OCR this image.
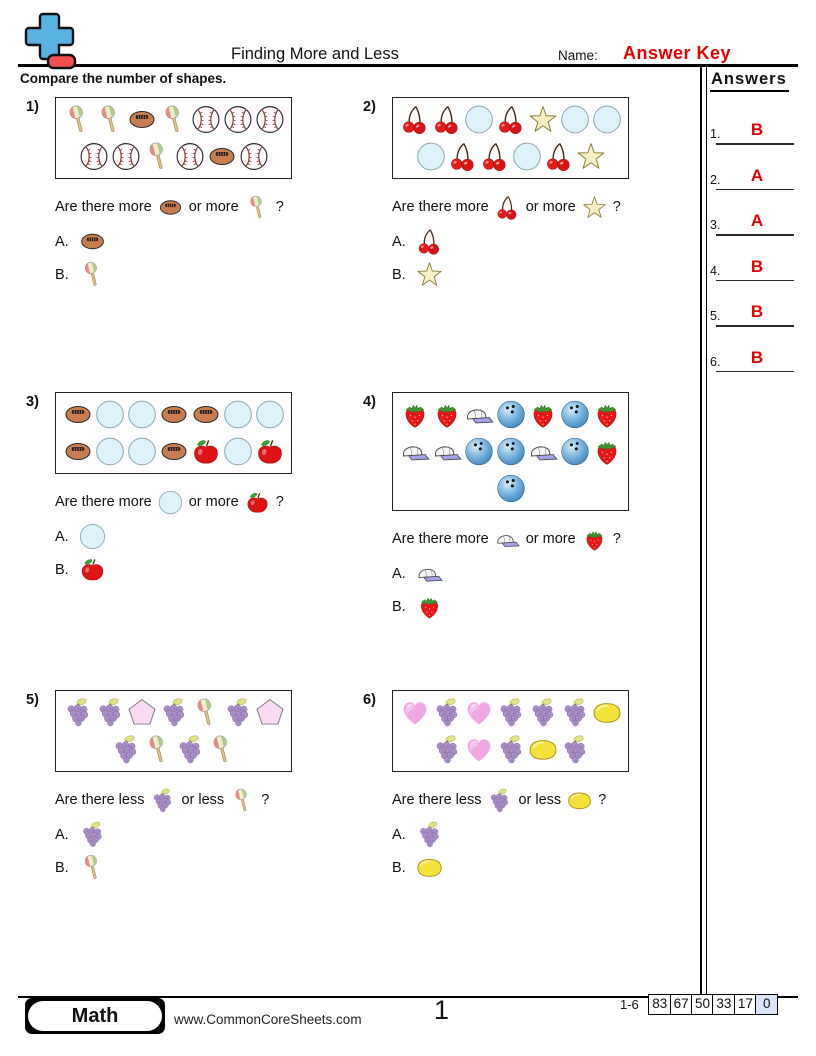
Finding More and Less	Name: Answer Key
Compare the number of shapes.
1)
Are there more	or more	?
A.
B.
2)
Are there more	or more	?
A.
B.
3)
Are there more	or more	?
A.
B.
4)
Are there more	or more	?
A.
B.
5)
Are there less	or less	?
A.
B.
6)
Are there less	or less	?
A.
B.
Answers
1.	B
2.	A
3.	A
4.	B
5.	B
6.	B
Math	www.CommonCoreSheets.com	1	1-6 83 67 50 33 17 0
